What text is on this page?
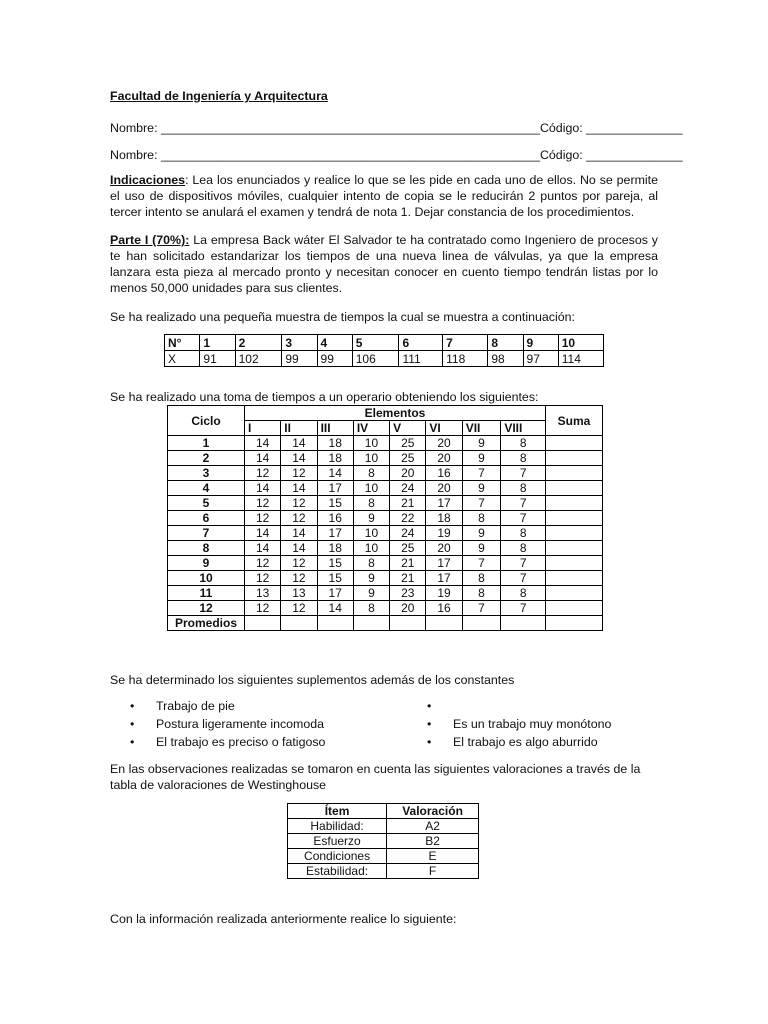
Facultad de Ingeniería y Arquitectura
Nombre: _______________________________________________________Código: ______________
Nombre: _______________________________________________________Código: ______________
Indicaciones: Lea los enunciados y realice lo que se les pide en cada uno de ellos. No se permite el uso de dispositivos móviles, cualquier intento de copia se le reducirán 2 puntos por pareja, al tercer intento se anulará el examen y tendrá de nota 1. Dejar constancia de los procedimientos.
Parte I (70%): La empresa Back wáter El Salvador te ha contratado como Ingeniero de procesos y te han solicitado estandarizar los tiempos de una nueva linea de válvulas, ya que la empresa lanzara esta pieza al mercado pronto y necesitan conocer en cuento tiempo tendrán listas por lo menos 50,000 unidades para sus clientes.
Se ha realizado una pequeña muestra de tiempos la cual se muestra a continuación:
N°	1	2	3	4	5	6	7	8	9	10
X	91	102	99	99	106	111	118	98	97	114
Se ha realizado una toma de tiempos a un operario obteniendo los siguientes:
Ciclo	Elementos								Suma
	I	II	III	IV	V	VI	VII	VIII	
1	14	14	18	10	25	20	9	8	
2	14	14	18	10	25	20	9	8	
3	12	12	14	8	20	16	7	7	
4	14	14	17	10	24	20	9	8	
5	12	12	15	8	21	17	7	7	
6	12	12	16	9	22	18	8	7	
7	14	14	17	10	24	19	9	8	
8	14	14	18	10	25	20	9	8	
9	12	12	15	8	21	17	7	7	
10	12	12	15	9	21	17	8	7	
11	13	13	17	9	23	19	8	8	
12	12	12	14	8	20	16	7	7	
Promedios									
Se ha determinado los siguientes suplementos además de los constantes
• Trabajo de pie
• Postura ligeramente incomoda
• El trabajo es preciso o fatigoso
•
• Es un trabajo muy monótono
• El trabajo es algo aburrido
En las observaciones realizadas se tomaron en cuenta las siguientes valoraciones a través de la tabla de valoraciones de Westinghouse
Ítem	Valoración
Habilidad:	A2
Esfuerzo	B2
Condiciones	E
Estabilidad:	F
Con la información realizada anteriormente realice lo siguiente:
